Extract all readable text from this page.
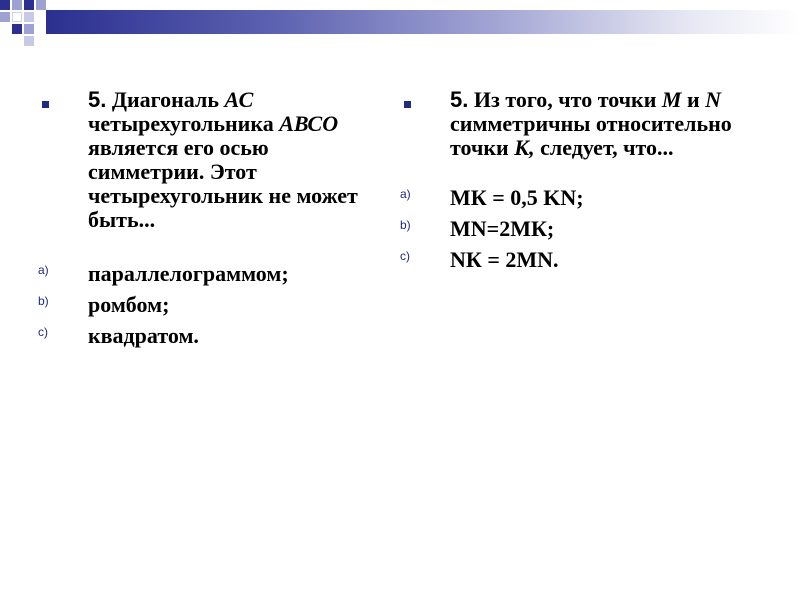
5. Диагональ АС четырехугольника АВСО является его осью симметрии. Этот четырехугольник не может быть...
a) параллелограммом;
b) ромбом;
c) квадратом.
5. Из того, что точки М и N симметричны относительно точки К, следует, что...
a) МК = 0,5 KN;
b) MN=2МК;
c) NК = 2MN.
